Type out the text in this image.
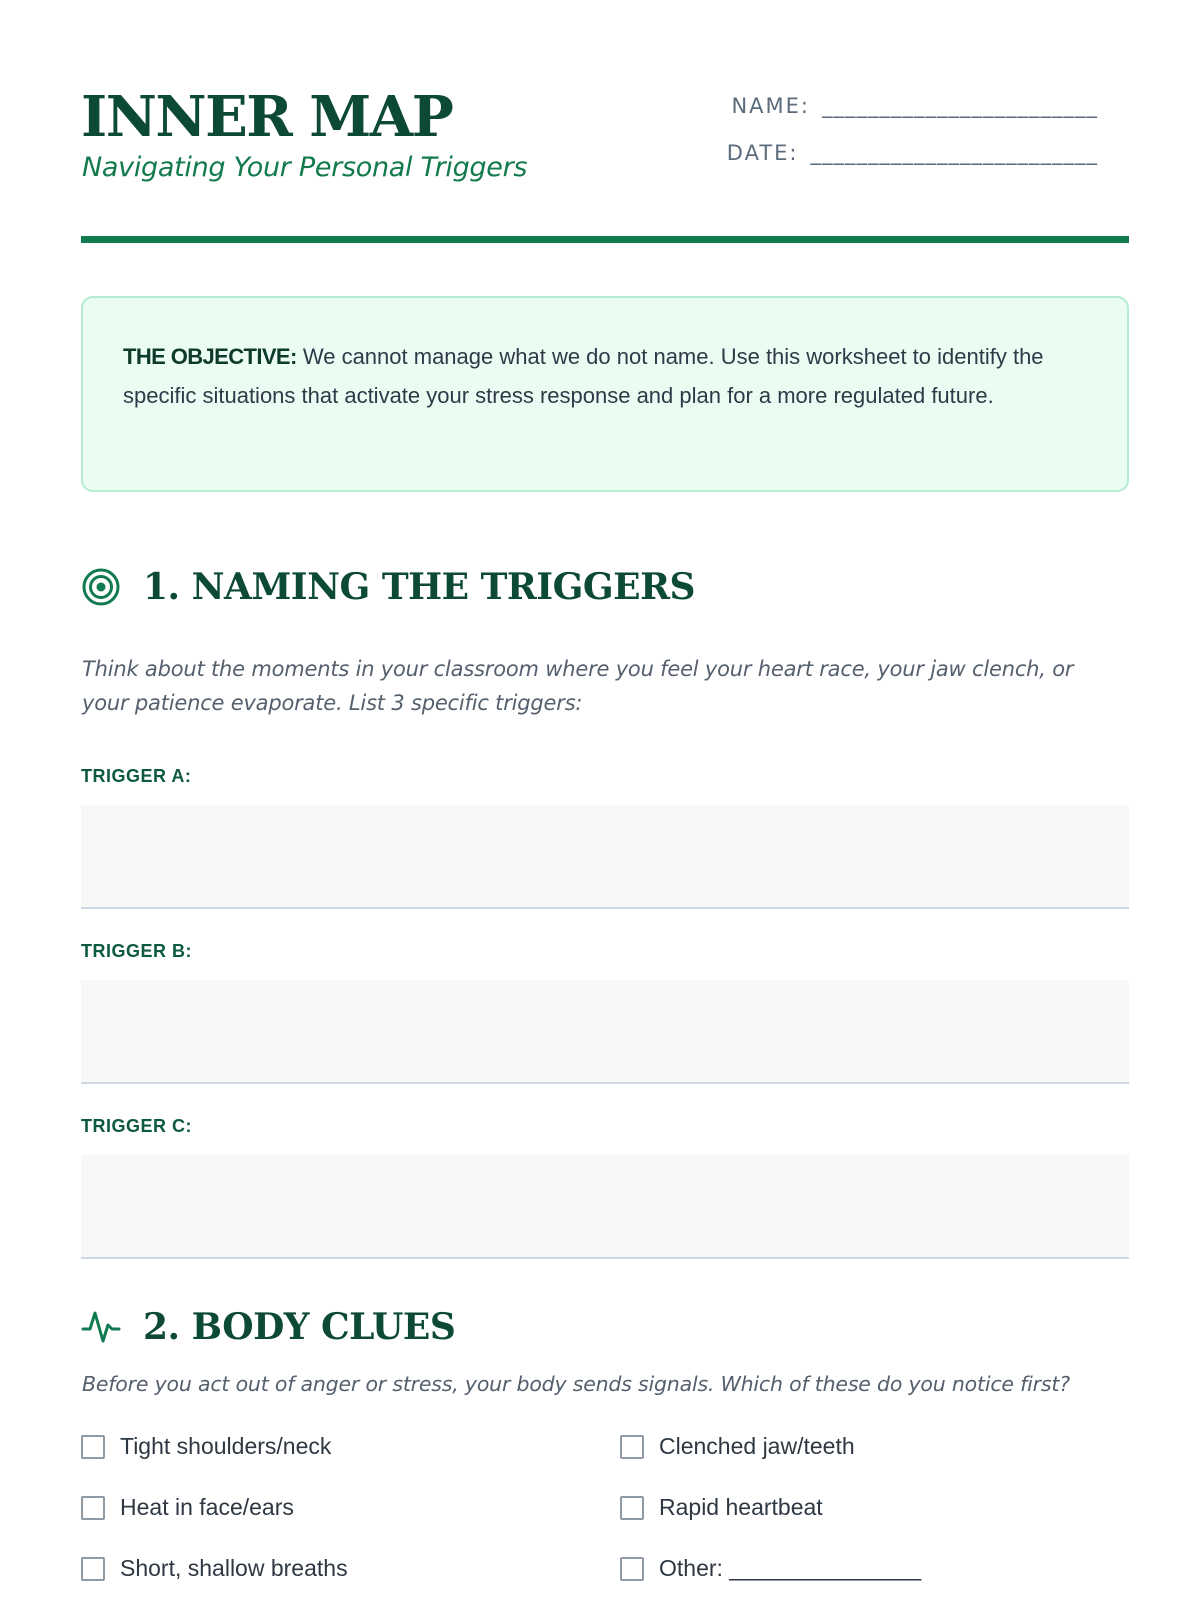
INNER MAP
Navigating Your Personal Triggers
NAME: ________________________
DATE: _________________________

THE OBJECTIVE: We cannot manage what we do not name. Use this worksheet to identify the specific situations that activate your stress response and plan for a more regulated future.

1. NAMING THE TRIGGERS

Think about the moments in your classroom where you feel your heart race, your jaw clench, or your patience evaporate. List 3 specific triggers:

TRIGGER A:
TRIGGER B:
TRIGGER C:
2. BODY CLUES

Before you act out of anger or stress, your body sends signals. Which of these do you notice first?

Tight shoulders/neck	Clenched jaw/teeth
Heat in face/ears	Rapid heartbeat
Short, shallow breaths	Other: _______________
